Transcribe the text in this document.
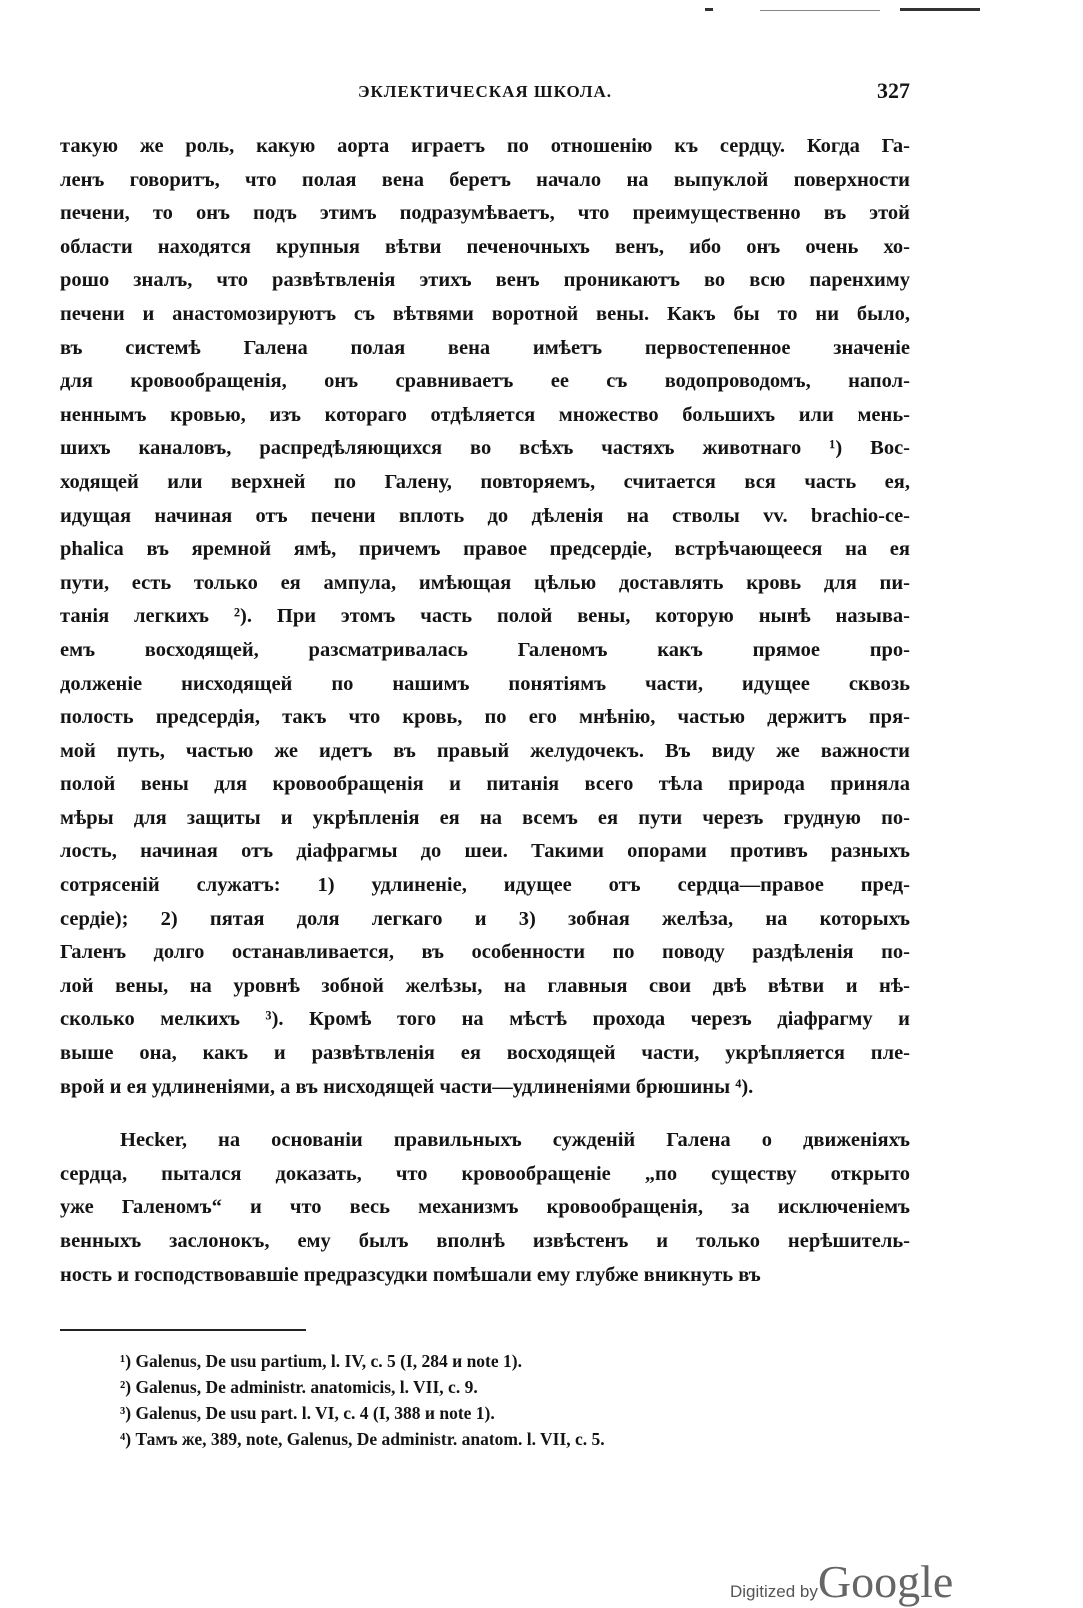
ЭКЛЕКТИЧЕСКАЯ ШКОЛА.	327
такую же роль, какую аорта играетъ по отношенію къ сердцу. Когда Га-
ленъ говоритъ, что полая вена беретъ начало на выпуклой поверхности
печени, то онъ подъ этимъ подразумѣваетъ, что преимущественно въ этой
области находятся крупныя вѣтви печеночныхъ венъ, ибо онъ очень хо-
рошо зналъ, что развѣтвленія этихъ венъ проникаютъ во всю паренхиму
печени и анастомозируютъ съ вѣтвями воротной вены. Какъ бы то ни было,
въ системѣ Галена полая вена имѣетъ первостепенное значеніе
для кровообращенія, онъ сравниваетъ ее съ водопроводомъ, напол-
неннымъ кровью, изъ котораго отдѣляется множество большихъ или мень-
шихъ каналовъ, распредѣляющихся во всѣхъ частяхъ животнаго ¹) Вос-
ходящей или верхней по Галену, повторяемъ, считается вся часть ея,
идущая начиная отъ печени вплоть до дѣленія на стволы vv. brachio-ce-
phalica въ яремной ямѣ, причемъ правое предсердіе, встрѣчающееся на ея
пути, есть только ея ампула, имѣющая цѣлью доставлять кровь для пи-
танія легкихъ ²). При этомъ часть полой вены, которую нынѣ называ-
емъ восходящей, разсматривалась Галеномъ какъ прямое про-
долженіе нисходящей по нашимъ понятіямъ части, идущее сквозь
полость предсердія, такъ что кровь, по его мнѣнію, частью держитъ пря-
мой путь, частью же идетъ въ правый желудочекъ. Въ виду же важности
полой вены для кровообращенія и питанія всего тѣла природа приняла
мѣры для защиты и укрѣпленія ея на всемъ ея пути черезъ грудную по-
лость, начиная отъ діафрагмы до шеи. Такими опорами противъ разныхъ
сотрясеній служатъ: 1) удлиненіе, идущее отъ сердца—правое пред-
сердіе); 2) пятая доля легкаго и 3) зобная желѣза, на которыхъ
Галенъ долго останавливается, въ особенности по поводу раздѣленія по-
лой вены, на уровнѣ зобной желѣзы, на главныя свои двѣ вѣтви и нѣ-
сколько мелкихъ ³). Кромѣ того на мѣстѣ прохода черезъ діафрагму и
выше она, какъ и развѣтвленія ея восходящей части, укрѣпляется пле-
врой и ея удлиненіями, а въ нисходящей части—удлиненіями брюшины ⁴).
Hecker, на основаніи правильныхъ сужденій Галена о движеніяхъ
сердца, пытался доказать, что кровообращеніе „по существу открыто
уже Галеномъ“ и что весь механизмъ кровообращенія, за исключеніемъ
венныхъ заслонокъ, ему былъ вполнѣ извѣстенъ и только нерѣшитель-
ность и господствовавшіе предразсудки помѣшали ему глубже вникнуть въ
¹) Galenus, De usu partium, l. IV, c. 5 (I, 284 и note 1).
²) Galenus, De administr. anatomicis, l. VII, c. 9.
³) Galenus, De usu part. l. VI, c. 4 (I, 388 и note 1).
⁴) Тамъ же, 389, note, Galenus, De administr. anatom. l. VII, c. 5.
Digitized byGoogle
